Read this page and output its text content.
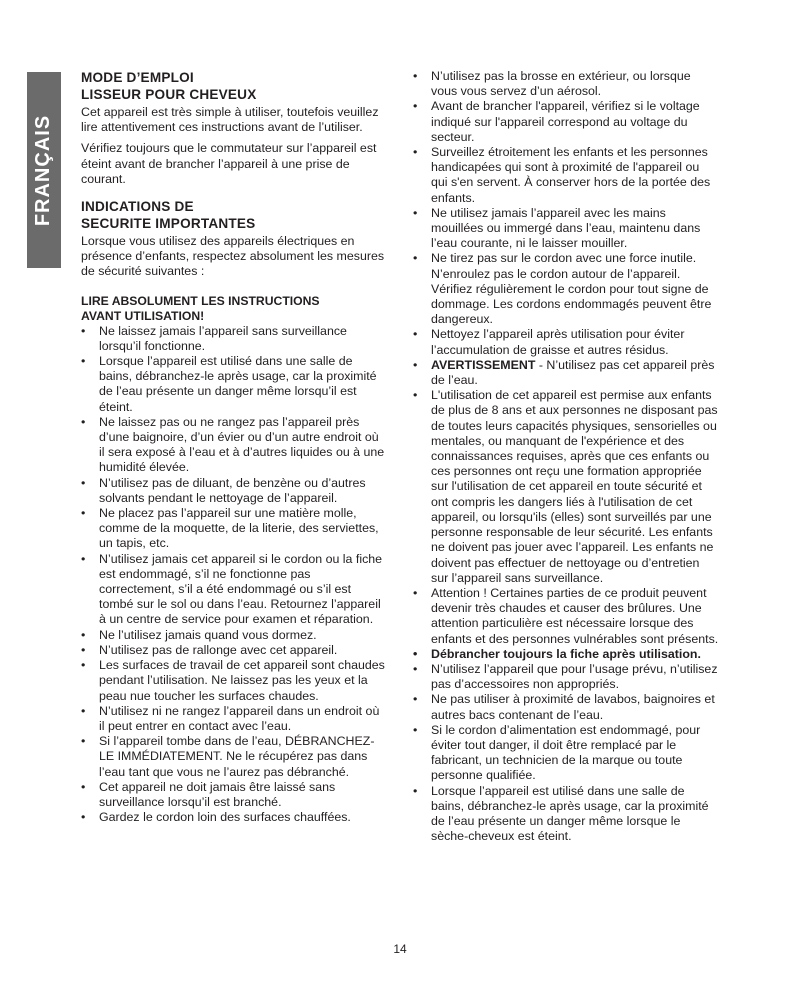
FRANÇAIS
MODE D’EMPLOI
LISSEUR POUR CHEVEUX

Cet appareil est très simple à utiliser, toutefois veuillez lire attentivement ces instructions avant de l’utiliser.

Vérifiez toujours que le commutateur sur l’appareil est éteint avant de brancher l’appareil à une prise de courant.

INDICATIONS DE
SECURITE IMPORTANTES

Lorsque vous utilisez des appareils électriques en présence d’enfants, respectez absolument les mesures de sécurité suivantes :

LIRE ABSOLUMENT LES INSTRUCTIONS
AVANT UTILISATION!
• Ne laissez jamais l’appareil sans surveillance lorsqu’il fonctionne.
• Lorsque l’appareil est utilisé dans une salle de bains, débranchez-le après usage, car la proximité de l’eau présente un danger même lorsqu’il est éteint.
• Ne laissez pas ou ne rangez pas l’appareil près d’une baignoire, d’un évier ou d’un autre endroit où il sera exposé à l’eau et à d’autres liquides ou à une humidité élevée.
• N’utilisez pas de diluant, de benzène ou d’autres solvants pendant le nettoyage de l’appareil.
• Ne placez pas l’appareil sur une matière molle, comme de la moquette, de la literie, des serviettes, un tapis, etc.
• N’utilisez jamais cet appareil si le cordon ou la fiche est endommagé, s’il ne fonctionne pas correctement, s’il a été endommagé ou s’il est tombé sur le sol ou dans l’eau. Retournez l’appareil à un centre de service pour examen et réparation.
• Ne l’utilisez jamais quand vous dormez.
• N’utilisez pas de rallonge avec cet appareil.
• Les surfaces de travail de cet appareil sont chaudes pendant l’utilisation. Ne laissez pas les yeux et la peau nue toucher les surfaces chaudes.
• N’utilisez ni ne rangez l’appareil dans un endroit où il peut entrer en contact avec l’eau.
• Si l’appareil tombe dans de l’eau, DÉBRANCHEZ-LE IMMÉDIATEMENT. Ne le récupérez pas dans l’eau tant que vous ne l’aurez pas débranché.
• Cet appareil ne doit jamais être laissé sans surveillance lorsqu’il est branché.
• Gardez le cordon loin des surfaces chauffées.
• N’utilisez pas la brosse en extérieur, ou lorsque vous vous servez d’un aérosol.
• Avant de brancher l'appareil, vérifiez si le voltage indiqué sur l'appareil correspond au voltage du secteur.
• Surveillez étroitement les enfants et les personnes handicapées qui sont à proximité de l'appareil ou qui s'en servent. À conserver hors de la portée des enfants.
• Ne utilisez jamais l’appareil avec les mains mouillées ou immergé dans l’eau, maintenu dans l’eau courante, ni le laisser mouiller.
• Ne tirez pas sur le cordon avec une force inutile. N’enroulez pas le cordon autour de l’appareil. Vérifiez régulièrement le cordon pour tout signe de dommage. Les cordons endommagés peuvent être dangereux.
• Nettoyez l’appareil après utilisation pour éviter l’accumulation de graisse et autres résidus.
• AVERTISSEMENT - N’utilisez pas cet appareil près de l’eau.
• L'utilisation de cet appareil est permise aux enfants de plus de 8 ans et aux personnes ne disposant pas de toutes leurs capacités physiques, sensorielles ou mentales, ou manquant de l'expérience et des connaissances requises, après que ces enfants ou ces personnes ont reçu une formation appropriée sur l'utilisation de cet appareil en toute sécurité et ont compris les dangers liés à l'utilisation de cet appareil, ou lorsqu'ils (elles) sont surveillés par une personne responsable de leur sécurité. Les enfants ne doivent pas jouer avec l’appareil. Les enfants ne doivent pas effectuer de nettoyage ou d’entretien sur l’appareil sans surveillance.
• Attention ! Certaines parties de ce produit peuvent devenir très chaudes et causer des brûlures. Une attention particulière est nécessaire lorsque des enfants et des personnes vulnérables sont présents.
• Débrancher toujours la fiche après utilisation.
• N’utilisez l’appareil que pour l’usage prévu, n’utilisez pas d’accessoires non appropriés.
• Ne pas utiliser à proximité de lavabos, baignoires et autres bacs contenant de l’eau.
• Si le cordon d’alimentation est endommagé, pour éviter tout danger, il doit être remplacé par le fabricant, un technicien de la marque ou toute personne qualifiée.
• Lorsque l’appareil est utilisé dans une salle de bains, débranchez-le après usage, car la proximité de l’eau présente un danger même lorsque le sèche-cheveux est éteint.
14
